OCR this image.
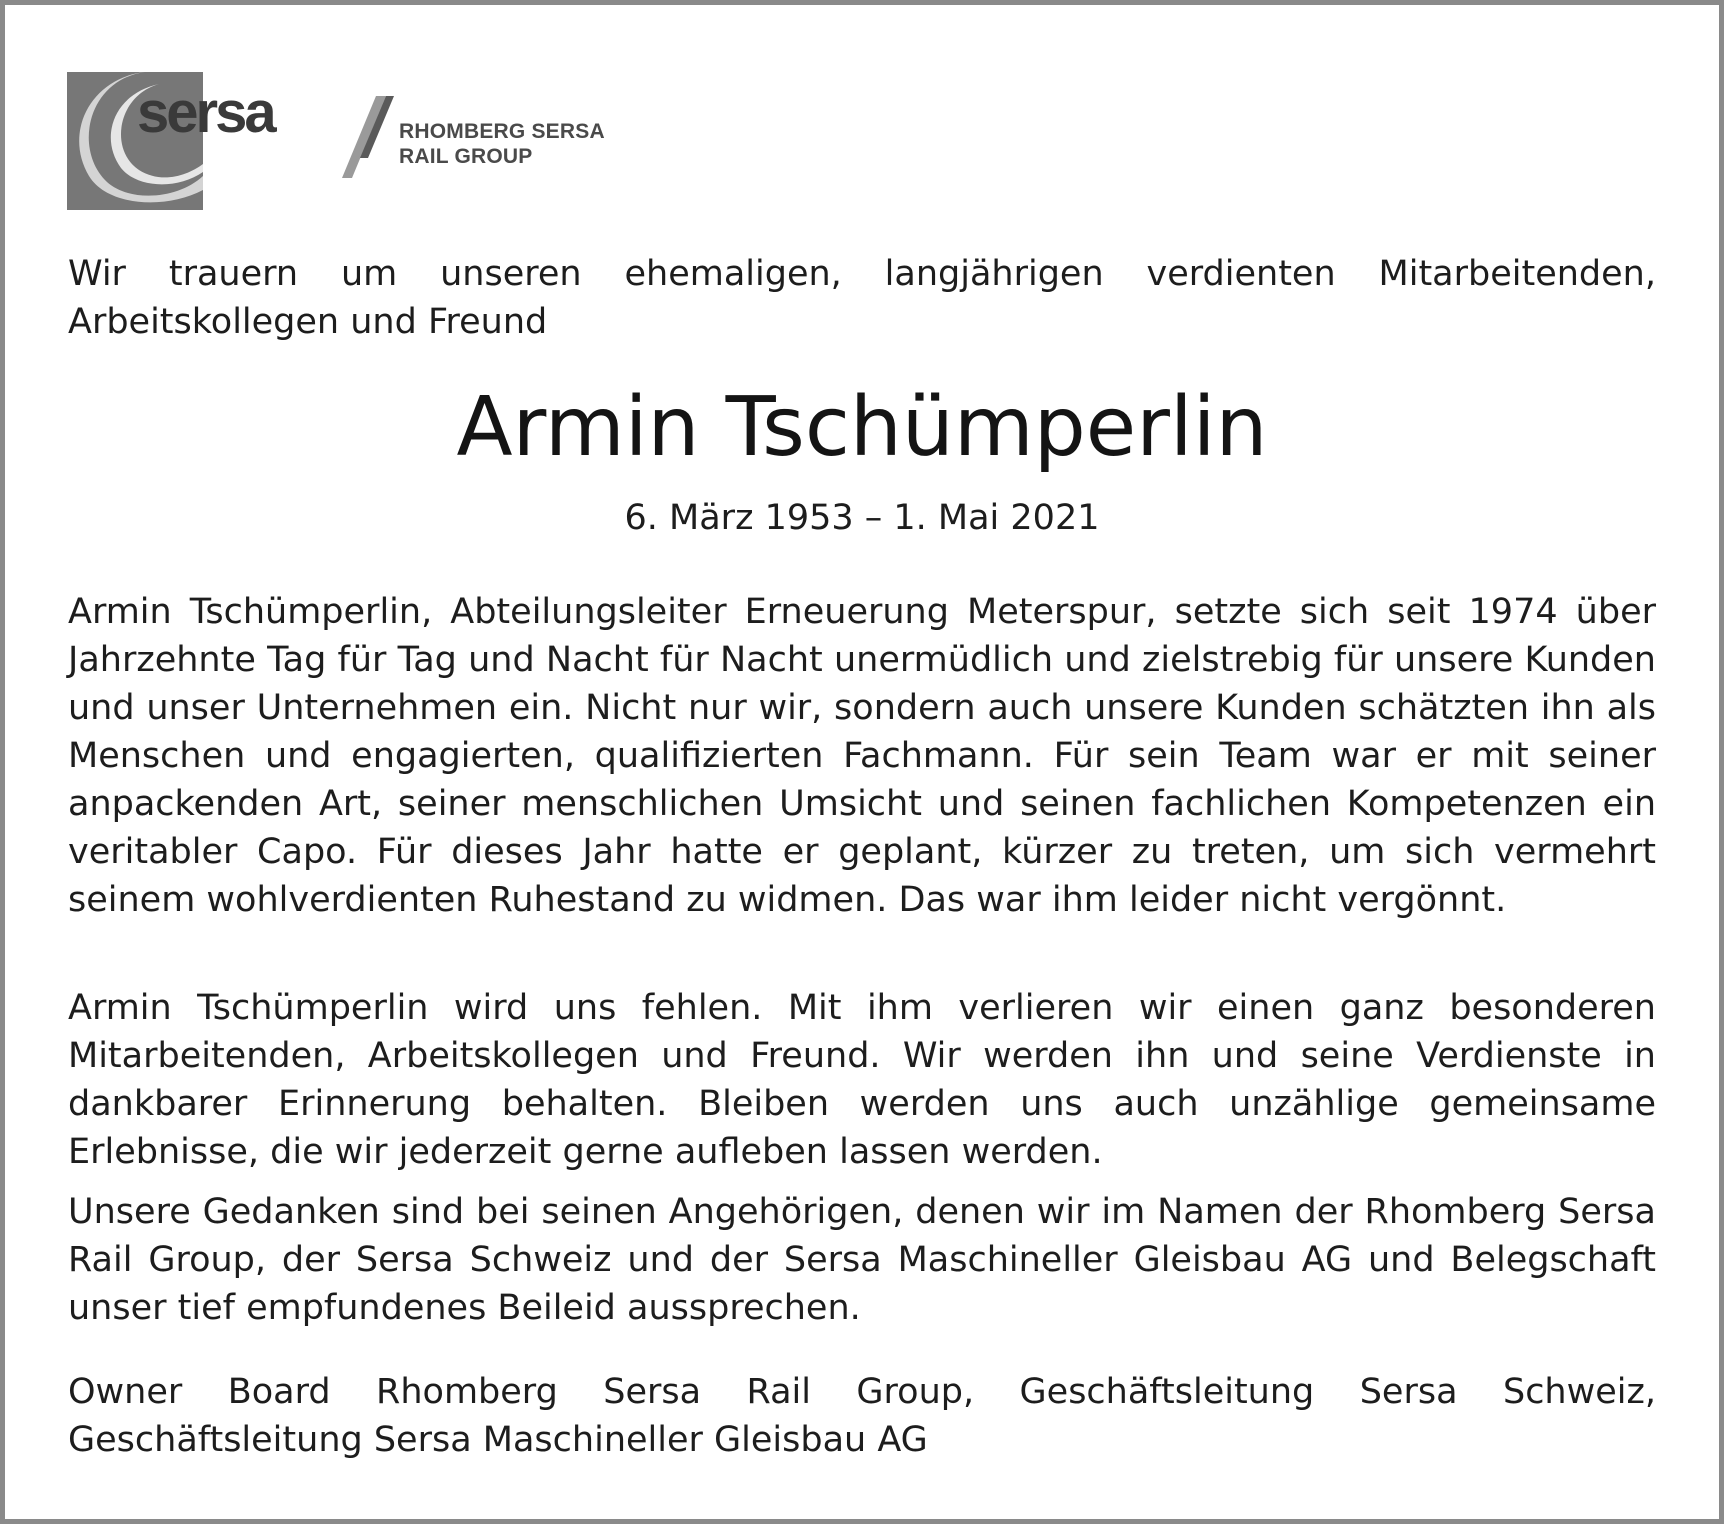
sersa	RHOMBERG SERSA
RAIL GROUP
Wir trauern um unseren ehemaligen, langjährigen verdienten Mitarbeitenden, Arbeitskollegen und Freund
Armin Tschümperlin
6. März 1953 – 1. Mai 2021
Armin Tschümperlin, Abteilungsleiter Erneuerung Meterspur, setzte sich seit 1974 über Jahrzehnte Tag für Tag und Nacht für Nacht unermüdlich und zielstrebig für unsere Kunden und unser Unternehmen ein. Nicht nur wir, sondern auch unsere Kunden schätzten ihn als Menschen und engagierten, qualifizierten Fachmann. Für sein Team war er mit seiner anpackenden Art, seiner menschlichen Umsicht und seinen fachlichen Kompetenzen ein veritabler Capo. Für dieses Jahr hatte er geplant, kürzer zu treten, um sich vermehrt seinem wohlverdienten Ruhestand zu widmen. Das war ihm leider nicht vergönnt.
Armin Tschümperlin wird uns fehlen. Mit ihm verlieren wir einen ganz besonderen Mitarbeitenden, Arbeitskollegen und Freund. Wir werden ihn und seine Verdienste in dankbarer Erinnerung behalten. Bleiben werden uns auch unzählige gemeinsame Erlebnisse, die wir jederzeit gerne aufleben lassen werden.
Unsere Gedanken sind bei seinen Angehörigen, denen wir im Namen der Rhomberg Sersa Rail Group, der Sersa Schweiz und der Sersa Maschineller Gleisbau AG und Belegschaft unser tief empfundenes Beileid aussprechen.
Owner Board Rhomberg Sersa Rail Group, Geschäftsleitung Sersa Schweiz, Geschäftsleitung Sersa Maschineller Gleisbau AG
